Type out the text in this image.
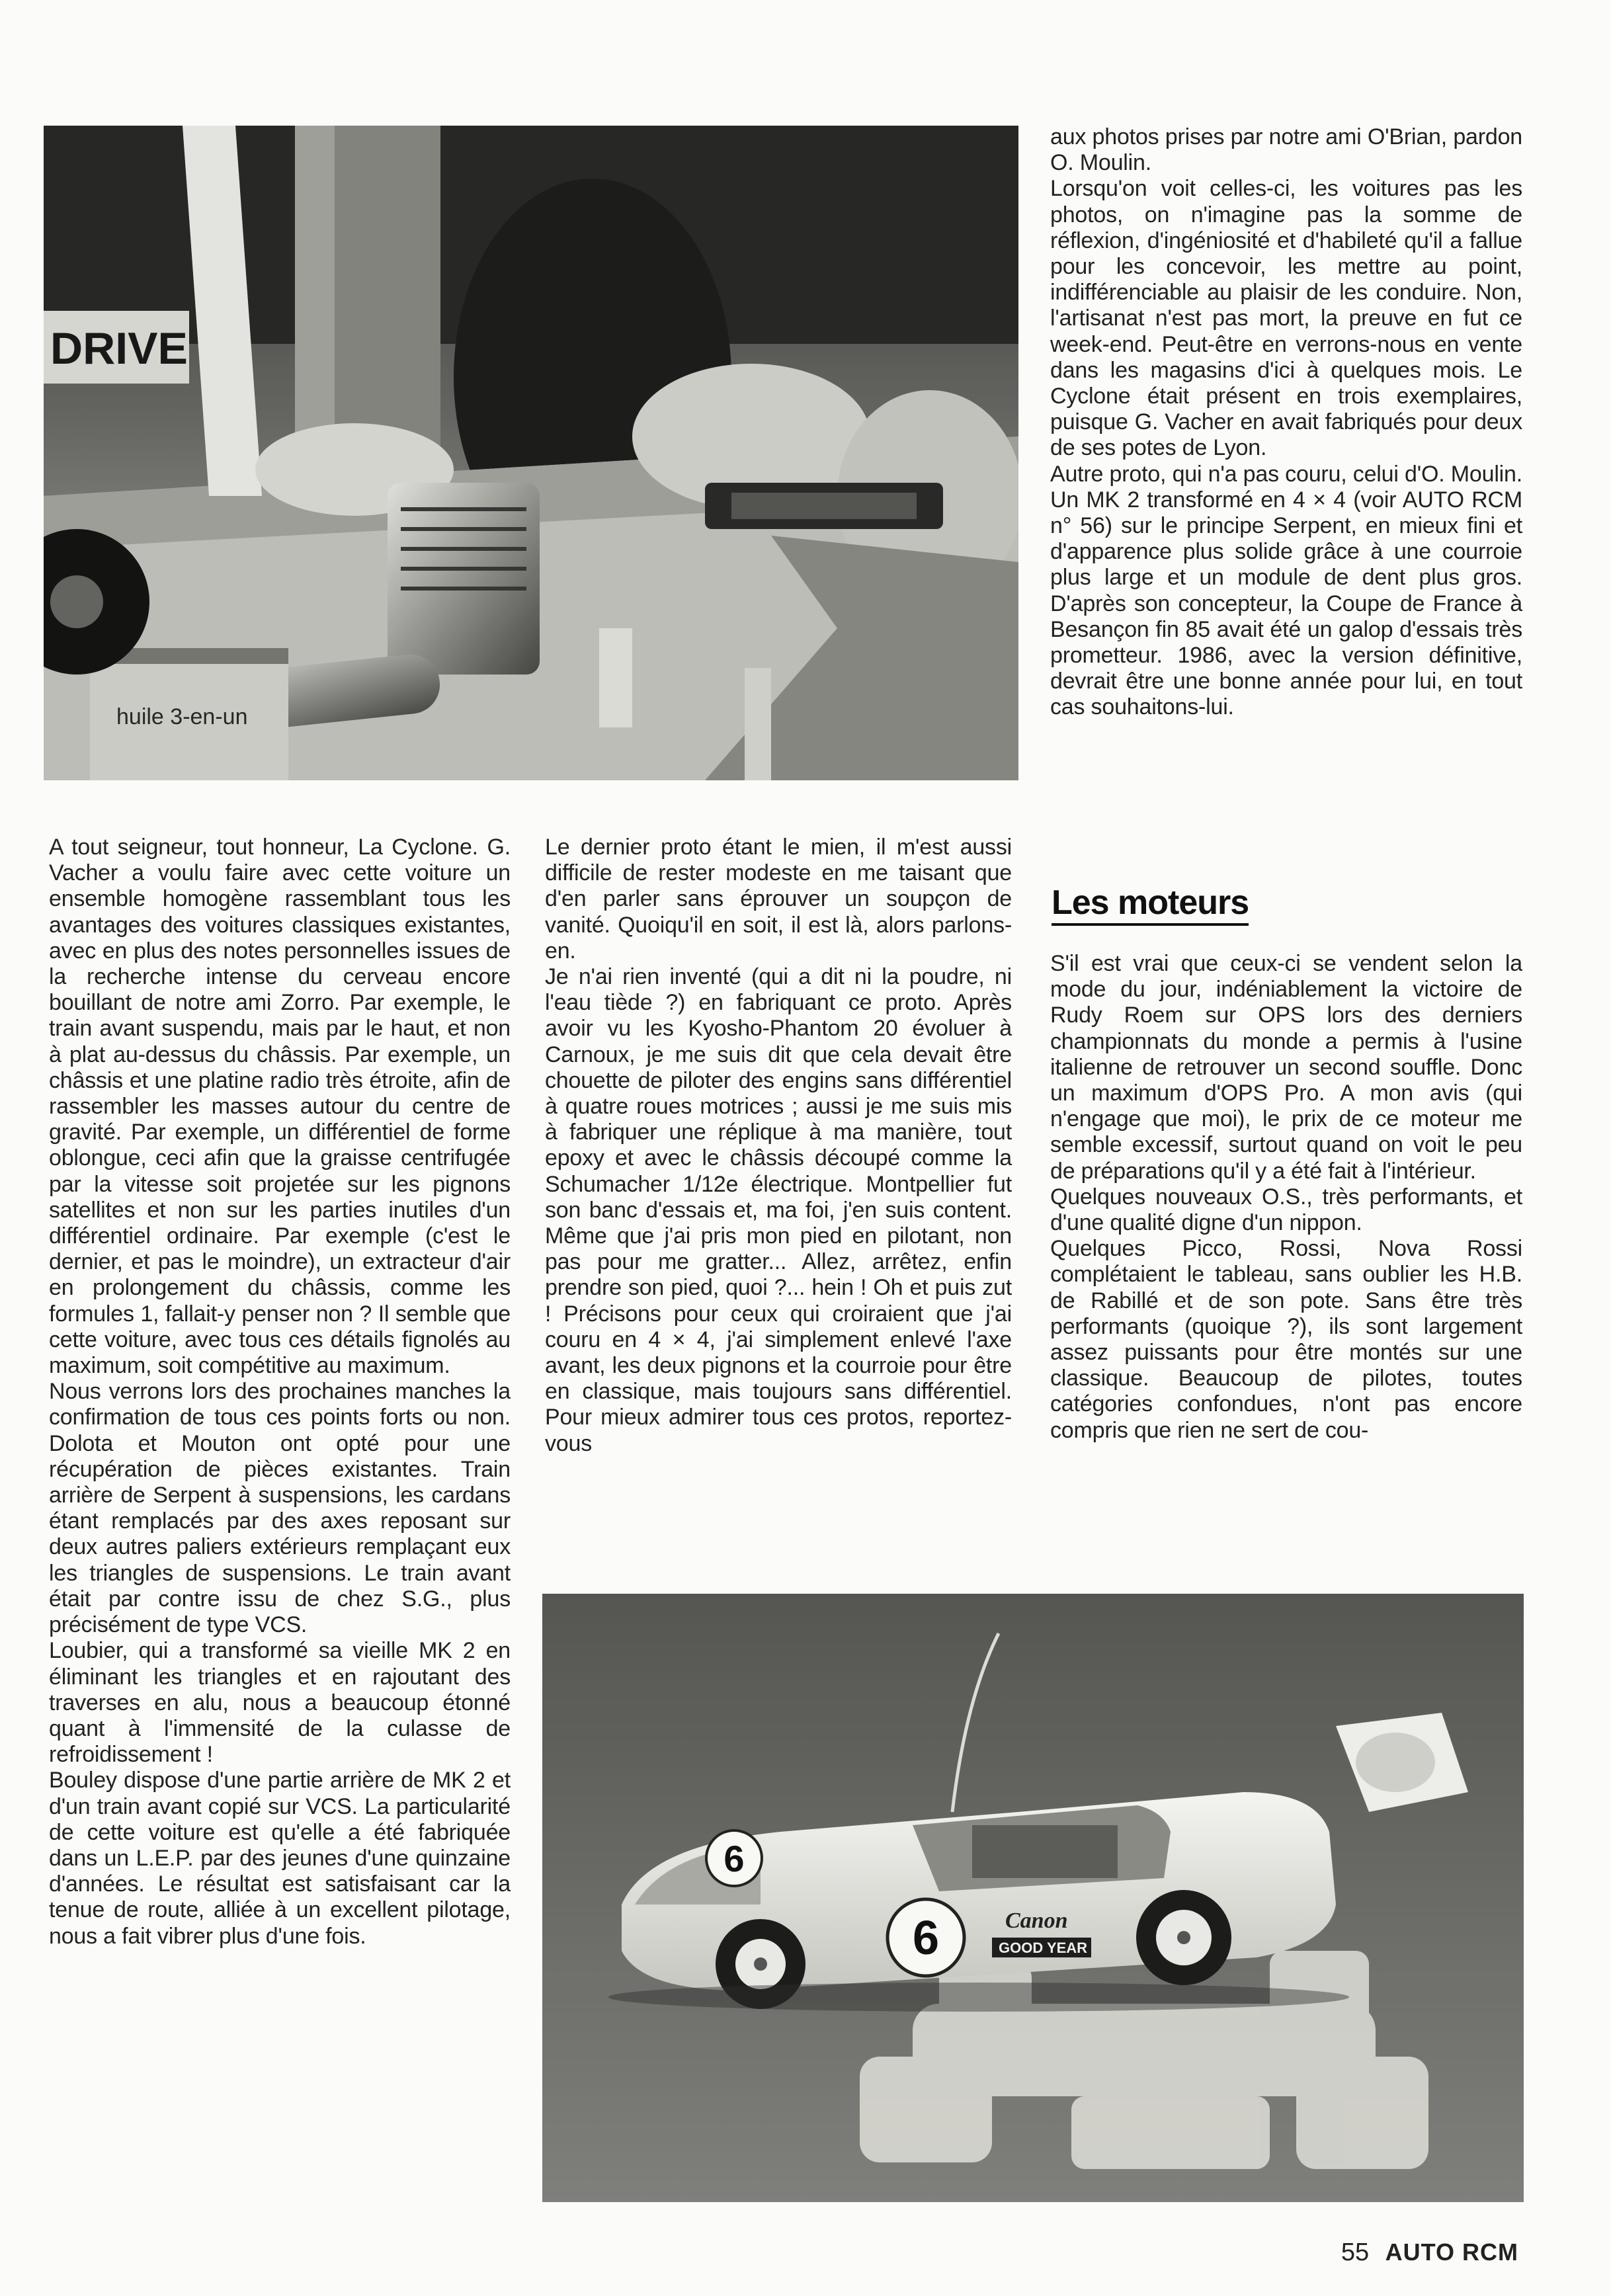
DRIVE
huile 3-en-un

A tout seigneur, tout honneur, La Cyclone. G. Vacher a voulu faire avec cette voiture un ensemble homogène rassemblant tous les avantages des voitures classiques existantes, avec en plus des notes personnelles issues de la recherche intense du cerveau encore bouillant de notre ami Zorro. Par exemple, le train avant suspendu, mais par le haut, et non à plat au-dessus du châssis. Par exemple, un châssis et une platine radio très étroite, afin de rassembler les masses autour du centre de gravité. Par exemple, un différentiel de forme oblongue, ceci afin que la graisse centrifugée par la vitesse soit projetée sur les pignons satellites et non sur les parties inutiles d'un différentiel ordinaire. Par exemple (c'est le dernier, et pas le moindre), un extracteur d'air en prolongement du châssis, comme les formules 1, fallait-y penser non ? Il semble que cette voiture, avec tous ces détails fignolés au maximum, soit compétitive au maximum.

Nous verrons lors des prochaines manches la confirmation de tous ces points forts ou non. Dolota et Mouton ont opté pour une récupération de pièces existantes. Train arrière de Serpent à suspensions, les cardans étant remplacés par des axes reposant sur deux autres paliers extérieurs remplaçant eux les triangles de suspensions. Le train avant était par contre issu de chez S.G., plus précisément de type VCS.

Loubier, qui a transformé sa vieille MK 2 en éliminant les triangles et en rajoutant des traverses en alu, nous a beaucoup étonné quant à l'immensité de la culasse de refroidissement !

Bouley dispose d'une partie arrière de MK 2 et d'un train avant copié sur VCS. La particularité de cette voiture est qu'elle a été fabriquée dans un L.E.P. par des jeunes d'une quinzaine d'années. Le résultat est satisfaisant car la tenue de route, alliée à un excellent pilotage, nous a fait vibrer plus d'une fois.

Le dernier proto étant le mien, il m'est aussi difficile de rester modeste en me taisant que d'en parler sans éprouver un soupçon de vanité. Quoiqu'il en soit, il est là, alors parlons-en.

Je n'ai rien inventé (qui a dit ni la poudre, ni l'eau tiède ?) en fabriquant ce proto. Après avoir vu les Kyosho-Phantom 20 évoluer à Carnoux, je me suis dit que cela devait être chouette de piloter des engins sans différentiel à quatre roues motrices ; aussi je me suis mis à fabriquer une réplique à ma manière, tout epoxy et avec le châssis découpé comme la Schumacher 1/12e électrique. Montpellier fut son banc d'essais et, ma foi, j'en suis content. Même que j'ai pris mon pied en pilotant, non pas pour me gratter... Allez, arrêtez, enfin prendre son pied, quoi ?... hein ! Oh et puis zut ! Précisons pour ceux qui croiraient que j'ai couru en 4 × 4, j'ai simplement enlevé l'axe avant, les deux pignons et la courroie pour être en classique, mais toujours sans différentiel. Pour mieux admirer tous ces protos, reportez-vous

aux photos prises par notre ami O'Brian, pardon O. Moulin.

Lorsqu'on voit celles-ci, les voitures pas les photos, on n'imagine pas la somme de réflexion, d'ingéniosité et d'habileté qu'il a fallue pour les concevoir, les mettre au point, indifférenciable au plaisir de les conduire. Non, l'artisanat n'est pas mort, la preuve en fut ce week-end. Peut-être en verrons-nous en vente dans les magasins d'ici à quelques mois. Le Cyclone était présent en trois exemplaires, puisque G. Vacher en avait fabriqués pour deux de ses potes de Lyon.

Autre proto, qui n'a pas couru, celui d'O. Moulin. Un MK 2 transformé en 4 × 4 (voir AUTO RCM n° 56) sur le principe Serpent, en mieux fini et d'apparence plus solide grâce à une courroie plus large et un module de dent plus gros. D'après son concepteur, la Coupe de France à Besançon fin 85 avait été un galop d'essais très prometteur. 1986, avec la version définitive, devrait être une bonne année pour lui, en tout cas souhaitons-lui.

Les moteurs

S'il est vrai que ceux-ci se vendent selon la mode du jour, indéniablement la victoire de Rudy Roem sur OPS lors des derniers championnats du monde a permis à l'usine italienne de retrouver un second souffle. Donc un maximum d'OPS Pro. A mon avis (qui n'engage que moi), le prix de ce moteur me semble excessif, surtout quand on voit le peu de préparations qu'il y a été fait à l'intérieur.

Quelques nouveaux O.S., très performants, et d'une qualité digne d'un nippon.

Quelques Picco, Rossi, Nova Rossi complétaient le tableau, sans oublier les H.B. de Rabillé et de son pote. Sans être très performants (quoique ?), ils sont largement assez puissants pour être montés sur une classique. Beaucoup de pilotes, toutes catégories confondues, n'ont pas encore compris que rien ne sert de cou-

6
6	Canon
GOOD YEAR
55 AUTO RCM
